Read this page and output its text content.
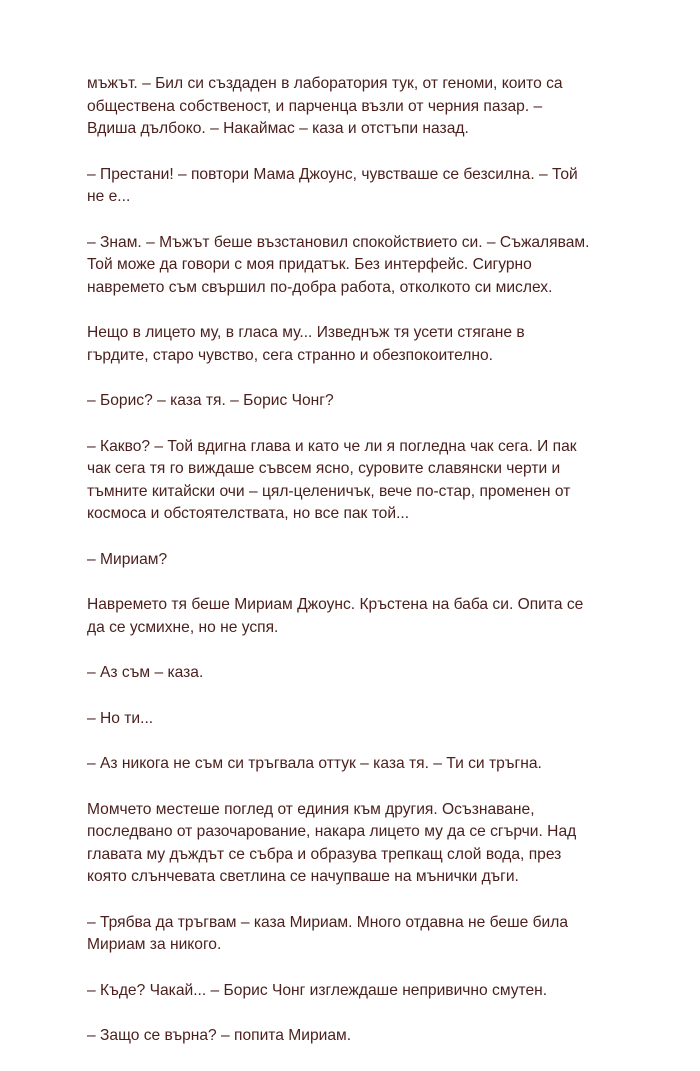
мъжът. – Бил си създаден в лаборатория тук, от геноми, които са
обществена собственост, и парченца възли от черния пазар. –
Вдиша дълбоко. – Накаймас – каза и отстъпи назад.

– Престани! – повтори Мама Джоунс, чувстваше се безсилна. – Той
не е...

– Знам. – Мъжът беше възстановил спокойствието си. – Съжалявам.
Той може да говори с моя придатък. Без интерфейс. Сигурно
навремето съм свършил по-добра работа, отколкото си мислех.

Нещо в лицето му, в гласа му... Изведнъж тя усети стягане в
гърдите, старо чувство, сега странно и обезпокоително.

– Борис? – каза тя. – Борис Чонг?

– Какво? – Той вдигна глава и като че ли я погледна чак сега. И пак
чак сега тя го виждаше съвсем ясно, суровите славянски черти и
тъмните китайски очи – цял-целеничък, вече по-стар, променен от
космоса и обстоятелствата, но все пак той...

– Мириам?

Навремето тя беше Мириам Джоунс. Кръстена на баба си. Опита се
да се усмихне, но не успя.

– Аз съм – каза.

– Но ти...

– Аз никога не съм си тръгвала оттук – каза тя. – Ти си тръгна.

Момчето местеше поглед от единия към другия. Осъзнаване,
последвано от разочарование, накара лицето му да се сгърчи. Над
главата му дъждът се събра и образува трепкащ слой вода, през
която слънчевата светлина се начупваше на мънички дъги.

– Трябва да тръгвам – каза Мириам. Много отдавна не беше била
Мириам за никого.

– Къде? Чакай... – Борис Чонг изглеждаше непривично смутен.

– Защо се върна? – попита Мириам.
